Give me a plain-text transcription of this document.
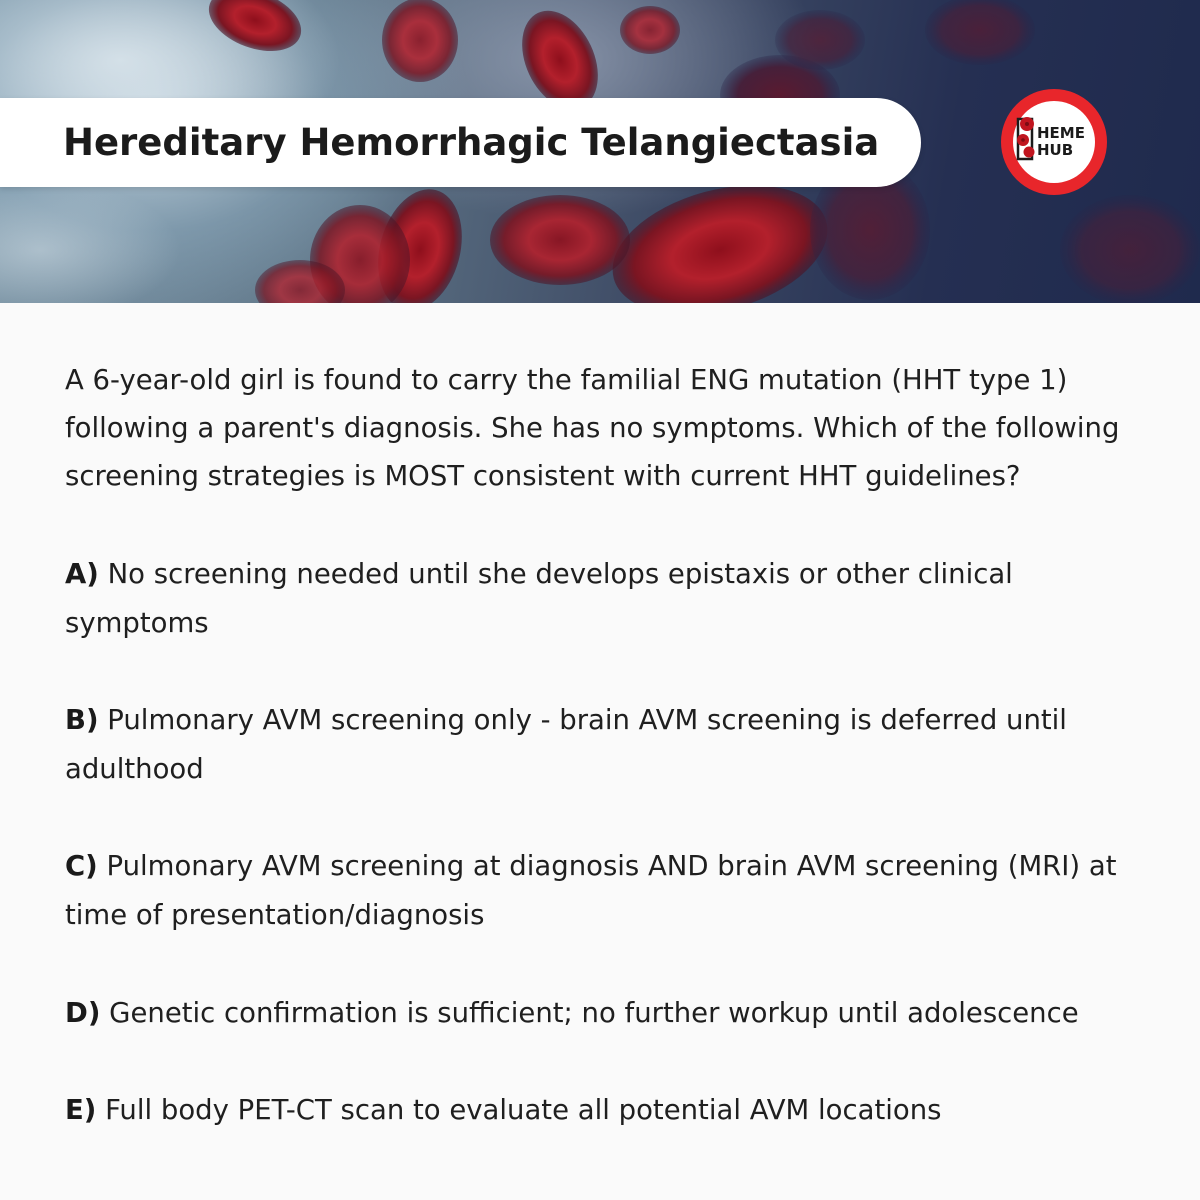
Hereditary Hemorrhagic Telangiectasia	HEME
HUB

A 6-year-old girl is found to carry the familial ENG mutation (HHT type 1) following a parent's diagnosis. She has no symptoms. Which of the following screening strategies is MOST consistent with current HHT guidelines?

A) No screening needed until she develops epistaxis or other clinical symptoms

B) Pulmonary AVM screening only - brain AVM screening is deferred until adulthood

C) Pulmonary AVM screening at diagnosis AND brain AVM screening (MRI) at time of presentation/diagnosis

D) Genetic confirmation is sufficient; no further workup until adolescence

E) Full body PET-CT scan to evaluate all potential AVM locations
